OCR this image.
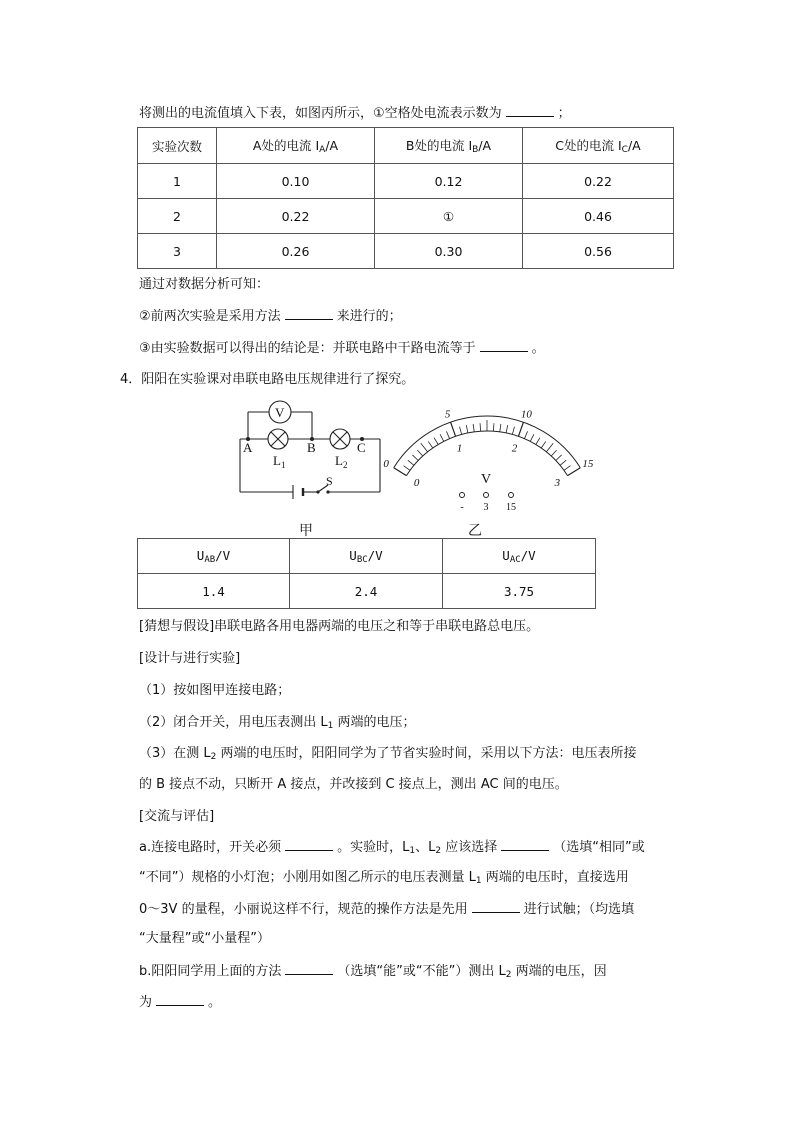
将测出的电流值填入下表，如图丙所示，①空格处电流表示数为	；
实验次数	A处的电流 $I_A/A$	B处的电流 $I_B/A$	C处的电流 $I_C/A$
1	0.10	0.12	0.22
2	0.22	①	0.46
3	0.26	0.30	0.56
通过对数据分析可知：
②前两次实验是采用方法	来进行的；
③由实验数据可以得出的结论是：并联电路中干路电流等于	。
4．阳阳在实验课对串联电路电压规律进行了探究。
V
A	B	C
$L_1$	$L_2$
S
甲
0
5	10
15
0
1	2
3
V
- 3 15
乙
$U_{AB}/V$	$U_{BC}/V$	$U_{AC}/V$
1.4	2.4	3.75
[猜想与假设]串联电路各用电器两端的电压之和等于串联电路总电压。
[设计与进行实验]
（1）按如图甲连接电路；
（2）闭合开关，用电压表测出 $L_1$ 两端的电压；
（3）在测 $L_2$ 两端的电压时，阳阳同学为了节省实验时间，采用以下方法：电压表所接
的 B 接点不动，只断开 A 接点，并改接到 C 接点上，测出 AC 间的电压。
[交流与评估]
a.连接电路时，开关必须	。实验时，$L_1$、$L_2$ 应该选择	（选填“相同”或
“不同”）规格的小灯泡；小刚用如图乙所示的电压表测量 $L_1$ 两端的电压时，直接选用
0～3V 的量程，小丽说这样不行，规范的操作方法是先用	进行试触；（均选填
“大量程”或“小量程”）
b.阳阳同学用上面的方法	（选填“能”或“不能”）测出 $L_2$ 两端的电压，因
为	。
